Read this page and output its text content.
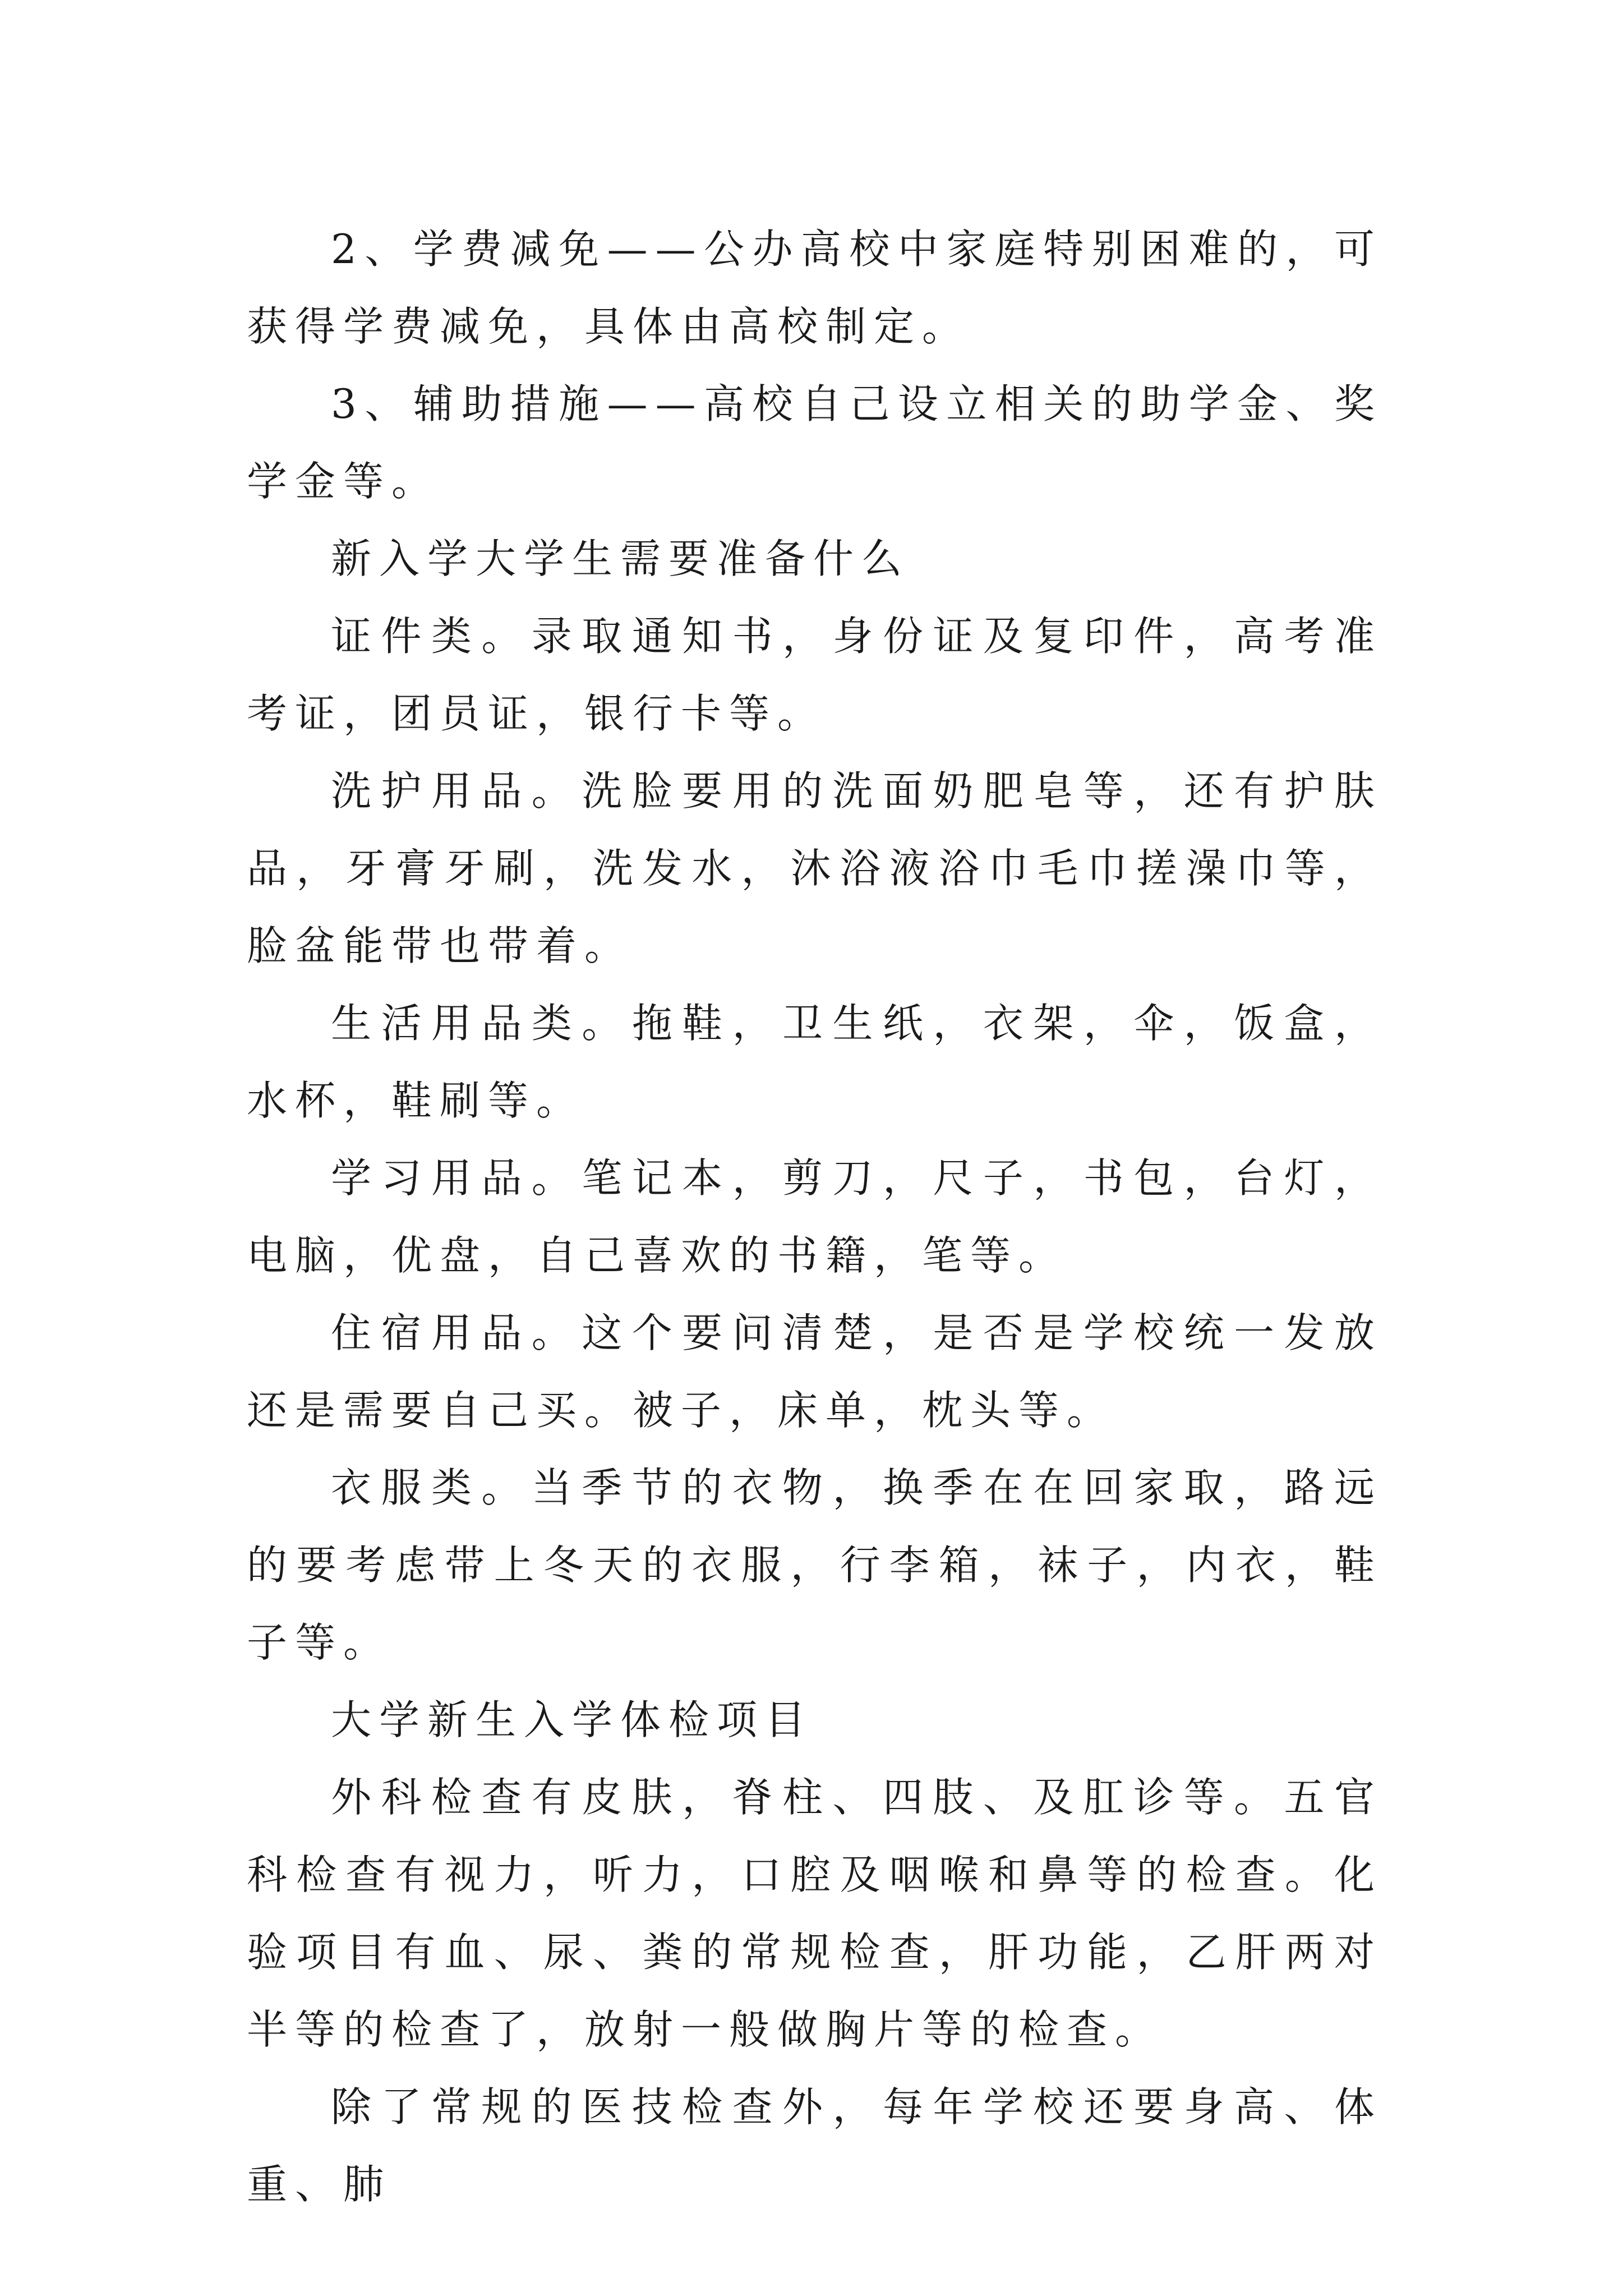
2、学费减免——公办高校中家庭特别困难的，可获得学费减免，具体由高校制定。

3、辅助措施——高校自己设立相关的助学金、奖学金等。

新入学大学生需要准备什么

证件类。录取通知书，身份证及复印件，高考准考证，团员证，银行卡等。

洗护用品。洗脸要用的洗面奶肥皂等，还有护肤品，牙膏牙刷，洗发水，沐浴液浴巾毛巾搓澡巾等，脸盆能带也带着。

生活用品类。拖鞋，卫生纸，衣架，伞，饭盒，水杯，鞋刷等。

学习用品。笔记本，剪刀，尺子，书包，台灯，电脑，优盘，自己喜欢的书籍，笔等。

住宿用品。这个要问清楚，是否是学校统一发放还是需要自己买。被子，床单，枕头等。

衣服类。当季节的衣物，换季在在回家取，路远的要考虑带上冬天的衣服，行李箱，袜子，内衣，鞋子等。

大学新生入学体检项目

外科检查有皮肤，脊柱、四肢、及肛诊等。五官科检查有视力，听力，口腔及咽喉和鼻等的检查。化验项目有血、尿、粪的常规检查，肝功能，乙肝两对半等的检查了，放射一般做胸片等的检查。

除了常规的医技检查外，每年学校还要身高、体重、肺
